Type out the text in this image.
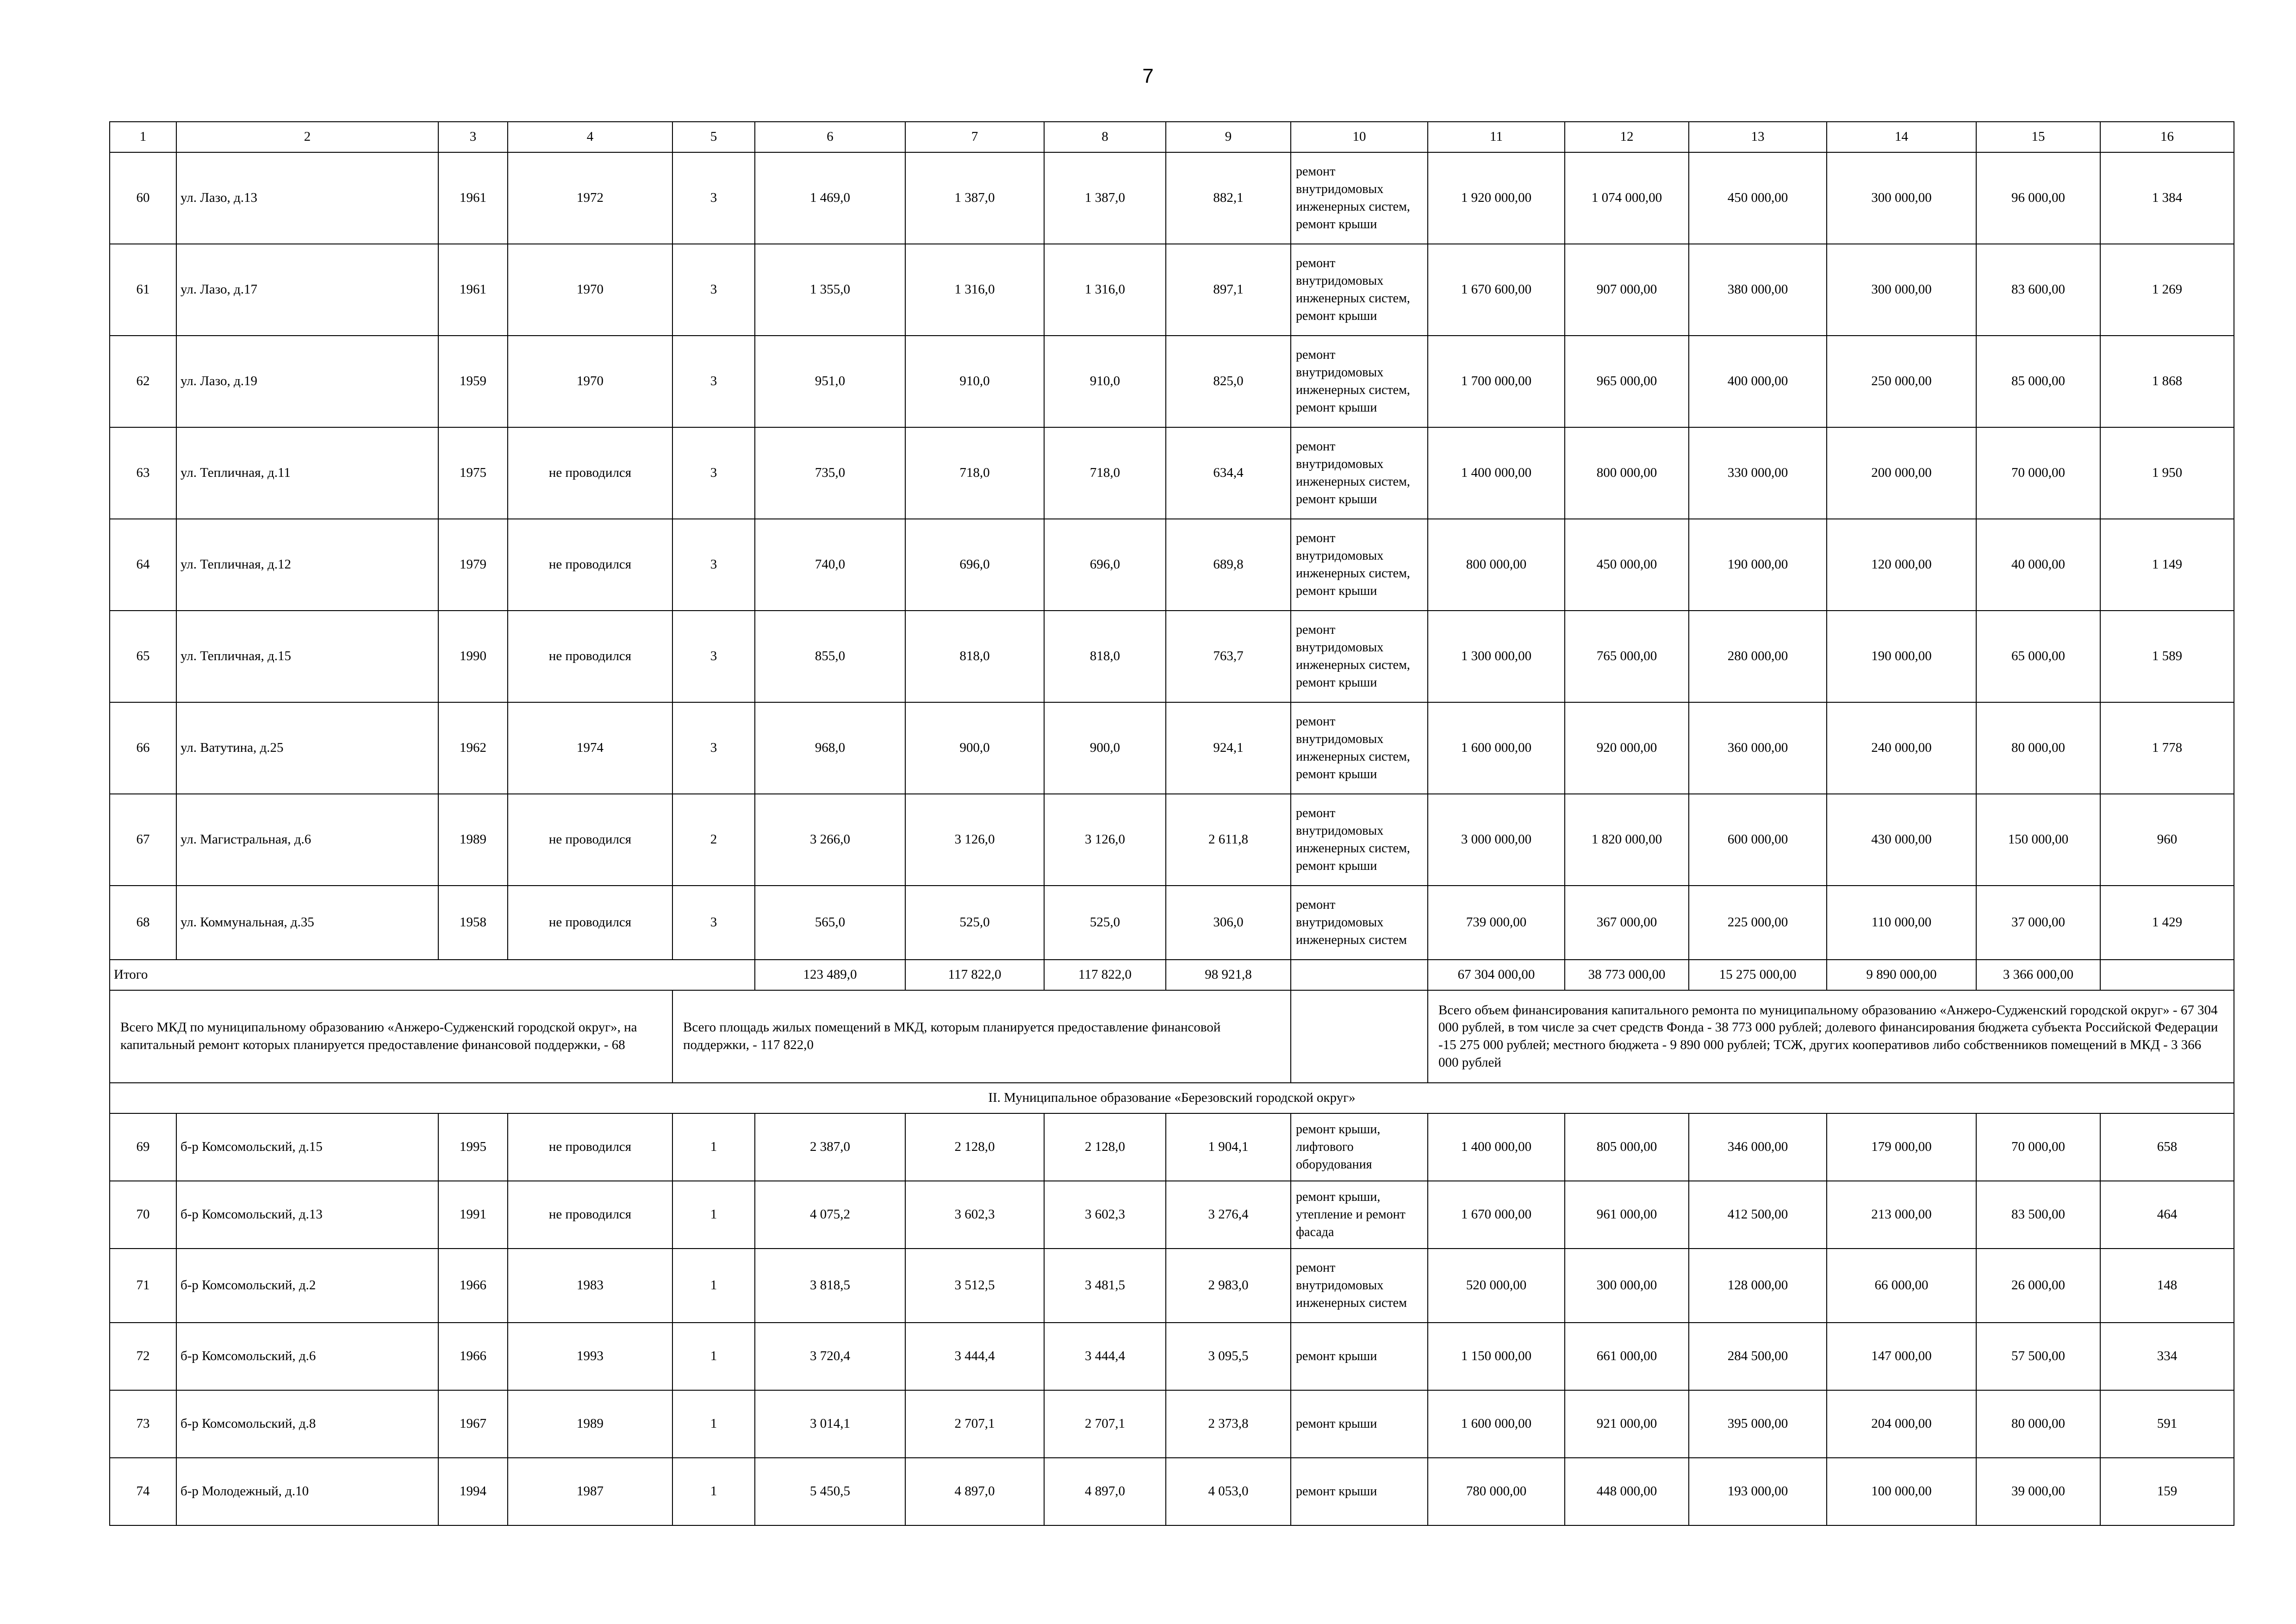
7
1	2	3	4	5	6	7	8	9	10	11	12	13	14	15	16
60	ул. Лазо, д.13	1961	1972	3	1 469,0	1 387,0	1 387,0	882,1	ремонт внутридомовых инженерных систем, ремонт крыши	1 920 000,00	1 074 000,00	450 000,00	300 000,00	96 000,00	1 384
61	ул. Лазо, д.17	1961	1970	3	1 355,0	1 316,0	1 316,0	897,1	ремонт внутридомовых инженерных систем, ремонт крыши	1 670 600,00	907 000,00	380 000,00	300 000,00	83 600,00	1 269
62	ул. Лазо, д.19	1959	1970	3	951,0	910,0	910,0	825,0	ремонт внутридомовых инженерных систем, ремонт крыши	1 700 000,00	965 000,00	400 000,00	250 000,00	85 000,00	1 868
63	ул. Тепличная, д.11	1975	не проводился	3	735,0	718,0	718,0	634,4	ремонт внутридомовых инженерных систем, ремонт крыши	1 400 000,00	800 000,00	330 000,00	200 000,00	70 000,00	1 950
64	ул. Тепличная, д.12	1979	не проводился	3	740,0	696,0	696,0	689,8	ремонт внутридомовых инженерных систем, ремонт крыши	800 000,00	450 000,00	190 000,00	120 000,00	40 000,00	1 149
65	ул. Тепличная, д.15	1990	не проводился	3	855,0	818,0	818,0	763,7	ремонт внутридомовых инженерных систем, ремонт крыши	1 300 000,00	765 000,00	280 000,00	190 000,00	65 000,00	1 589
66	ул. Ватутина, д.25	1962	1974	3	968,0	900,0	900,0	924,1	ремонт внутридомовых инженерных систем, ремонт крыши	1 600 000,00	920 000,00	360 000,00	240 000,00	80 000,00	1 778
67	ул. Магистральная, д.6	1989	не проводился	2	3 266,0	3 126,0	3 126,0	2 611,8	ремонт внутридомовых инженерных систем, ремонт крыши	3 000 000,00	1 820 000,00	600 000,00	430 000,00	150 000,00	960
68	ул. Коммунальная, д.35	1958	не проводился	3	565,0	525,0	525,0	306,0	ремонт внутридомовых инженерных систем	739 000,00	367 000,00	225 000,00	110 000,00	37 000,00	1 429
Итого					123 489,0	117 822,0	117 822,0	98 921,8		67 304 000,00	38 773 000,00	15 275 000,00	9 890 000,00	3 366 000,00	
Всего МКД по муниципальному образованию «Анжеро-Судженский городской округ», на капитальный ремонт которых планируется предоставление финансовой поддержки, - 68				Всего площадь жилых помещений в МКД, которым планируется предоставление финансовой поддержки, - 117 822,0						Всего объем финансирования капитального ремонта по муниципальному образованию «Анжеро-Судженский городской округ» - 67 304 000 рублей, в том числе за счет средств Фонда - 38 773 000 рублей; долевого финансирования бюджета субъекта Российской Федерации -15 275 000 рублей; местного бюджета - 9 890 000 рублей; ТСЖ, других кооперативов либо собственников помещений в МКД - 3 366 000 рублей					
II. Муниципальное образование «Березовский городской округ»															
69	б-р Комсомольский, д.15	1995	не проводился	1	2 387,0	2 128,0	2 128,0	1 904,1	ремонт крыши, лифтового оборудования	1 400 000,00	805 000,00	346 000,00	179 000,00	70 000,00	658
70	б-р Комсомольский, д.13	1991	не проводился	1	4 075,2	3 602,3	3 602,3	3 276,4	ремонт крыши, утепление и ремонт фасада	1 670 000,00	961 000,00	412 500,00	213 000,00	83 500,00	464
71	б-р Комсомольский, д.2	1966	1983	1	3 818,5	3 512,5	3 481,5	2 983,0	ремонт внутридомовых инженерных систем	520 000,00	300 000,00	128 000,00	66 000,00	26 000,00	148
72	б-р Комсомольский, д.6	1966	1993	1	3 720,4	3 444,4	3 444,4	3 095,5	ремонт крыши	1 150 000,00	661 000,00	284 500,00	147 000,00	57 500,00	334
73	б-р Комсомольский, д.8	1967	1989	1	3 014,1	2 707,1	2 707,1	2 373,8	ремонт крыши	1 600 000,00	921 000,00	395 000,00	204 000,00	80 000,00	591
74	б-р Молодежный, д.10	1994	1987	1	5 450,5	4 897,0	4 897,0	4 053,0	ремонт крыши	780 000,00	448 000,00	193 000,00	100 000,00	39 000,00	159
